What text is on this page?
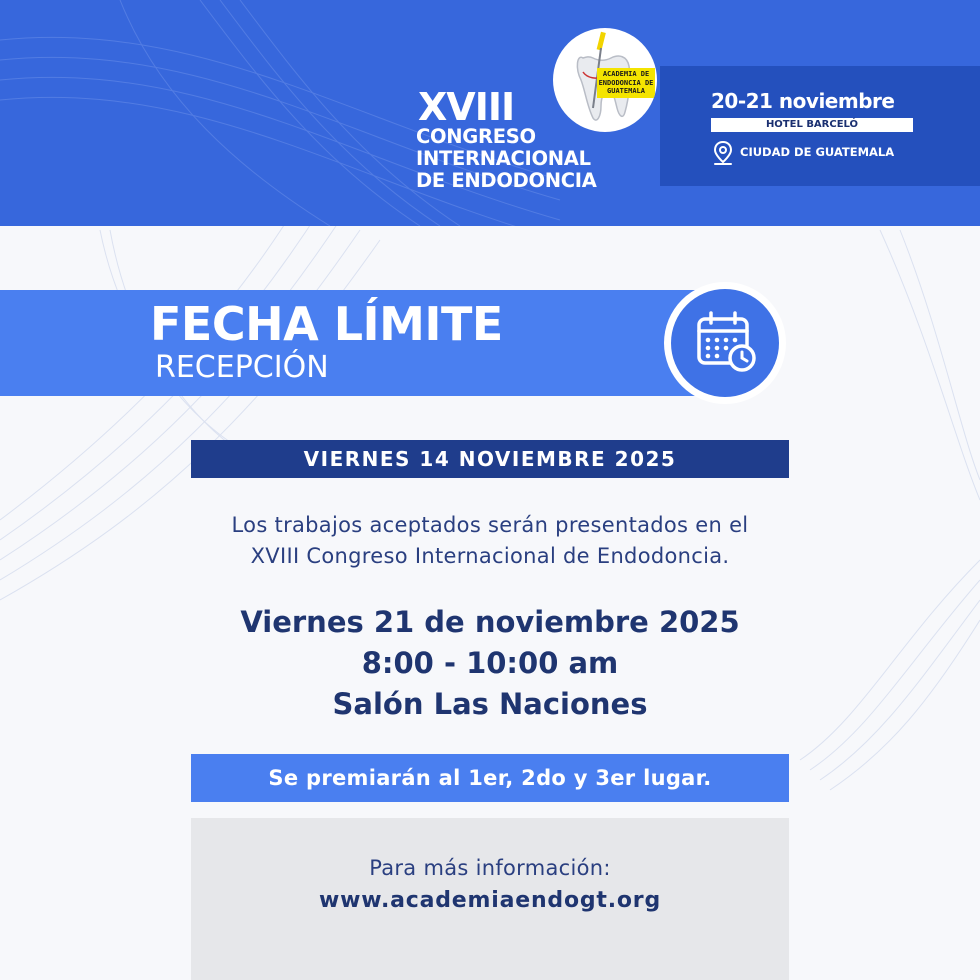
ACADEMIA DE ENDODONCIA DE GUATEMALA
XVIII
CONGRESO
INTERNACIONAL
DE ENDODONCIA
20-21 noviembre
HOTEL BARCELÓ
CIUDAD DE GUATEMALA
FECHA LÍMITE
RECEPCIÓN
VIERNES 14 NOVIEMBRE 2025
Los trabajos aceptados serán presentados en el
XVIII Congreso Internacional de Endodoncia.
Viernes 21 de noviembre 2025
8:00 - 10:00 am
Salón Las Naciones
Se premiarán al 1er, 2do y 3er lugar.
Para más información:
www.academiaendogt.org
